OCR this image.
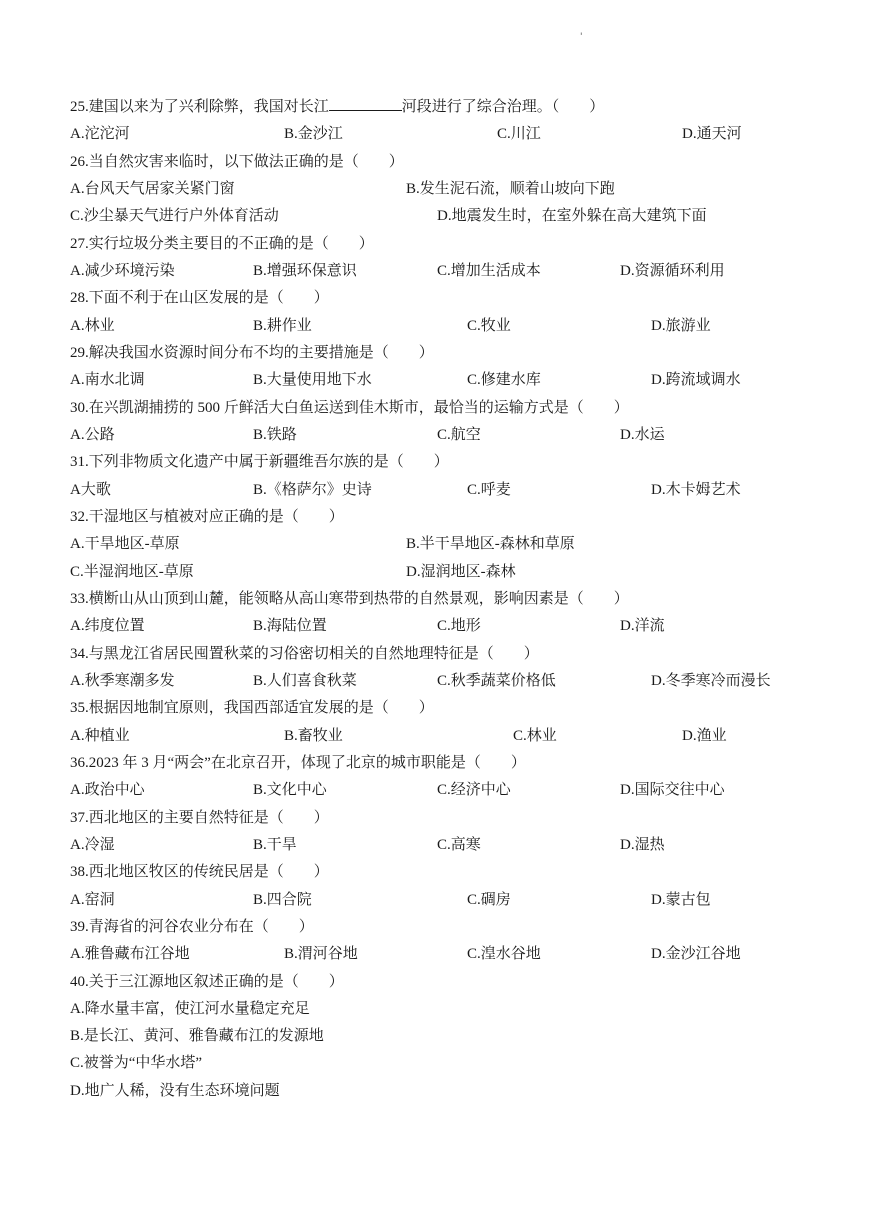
'
25.建国以来为了兴利除弊，我国对长江	河段进行了综合治理。（　　）
A.沱沱河	B.金沙江	C.川江	D.通天河
26.当自然灾害来临时，以下做法正确的是（　　）
A.台风天气居家关紧门窗	B.发生泥石流，顺着山坡向下跑
C.沙尘暴天气进行户外体育活动	D.地震发生时，在室外躲在高大建筑下面
27.实行垃圾分类主要目的不正确的是（　　）
A.减少环境污染	B.增强环保意识	C.增加生活成本	D.资源循环利用
28.下面不利于在山区发展的是（　　）
A.林业	B.耕作业	C.牧业	D.旅游业
29.解决我国水资源时间分布不均的主要措施是（　　）
A.南水北调	B.大量使用地下水	C.修建水库	D.跨流域调水
30.在兴凯湖捕捞的 500 斤鲜活大白鱼运送到佳木斯市，最恰当的运输方式是（　　）
A.公路	B.铁路	C.航空	D.水运
31.下列非物质文化遗产中属于新疆维吾尔族的是（　　）
A大歌	B.《格萨尔》史诗	C.呼麦	D.木卡姆艺术
32.干湿地区与植被对应正确的是（　　）
A.干旱地区-草原	B.半干旱地区-森林和草原
C.半湿润地区-草原	D.湿润地区-森林
33.横断山从山顶到山麓，能领略从高山寒带到热带的自然景观，影响因素是（　　）
A.纬度位置	B.海陆位置	C.地形	D.洋流
34.与黑龙江省居民囤置秋菜的习俗密切相关的自然地理特征是（　　）
A.秋季寒潮多发	B.人们喜食秋菜	C.秋季蔬菜价格低	D.冬季寒冷而漫长
35.根据因地制宜原则，我国西部适宜发展的是（　　）
A.种植业	B.畜牧业	C.林业	D.渔业
36.2023 年 3 月“两会”在北京召开，体现了北京的城市职能是（　　）
A.政治中心	B.文化中心	C.经济中心	D.国际交往中心
37.西北地区的主要自然特征是（　　）
A.冷湿	B.干旱	C.高寒	D.湿热
38.西北地区牧区的传统民居是（　　）
A.窑洞	B.四合院	C.碉房	D.蒙古包
39.青海省的河谷农业分布在（　　）
A.雅鲁藏布江谷地	B.渭河谷地	C.湟水谷地	D.金沙江谷地
40.关于三江源地区叙述正确的是（　　）
A.降水量丰富，使江河水量稳定充足
B.是长江、黄河、雅鲁藏布江的发源地
C.被誉为“中华水塔”
D.地广人稀，没有生态环境问题
